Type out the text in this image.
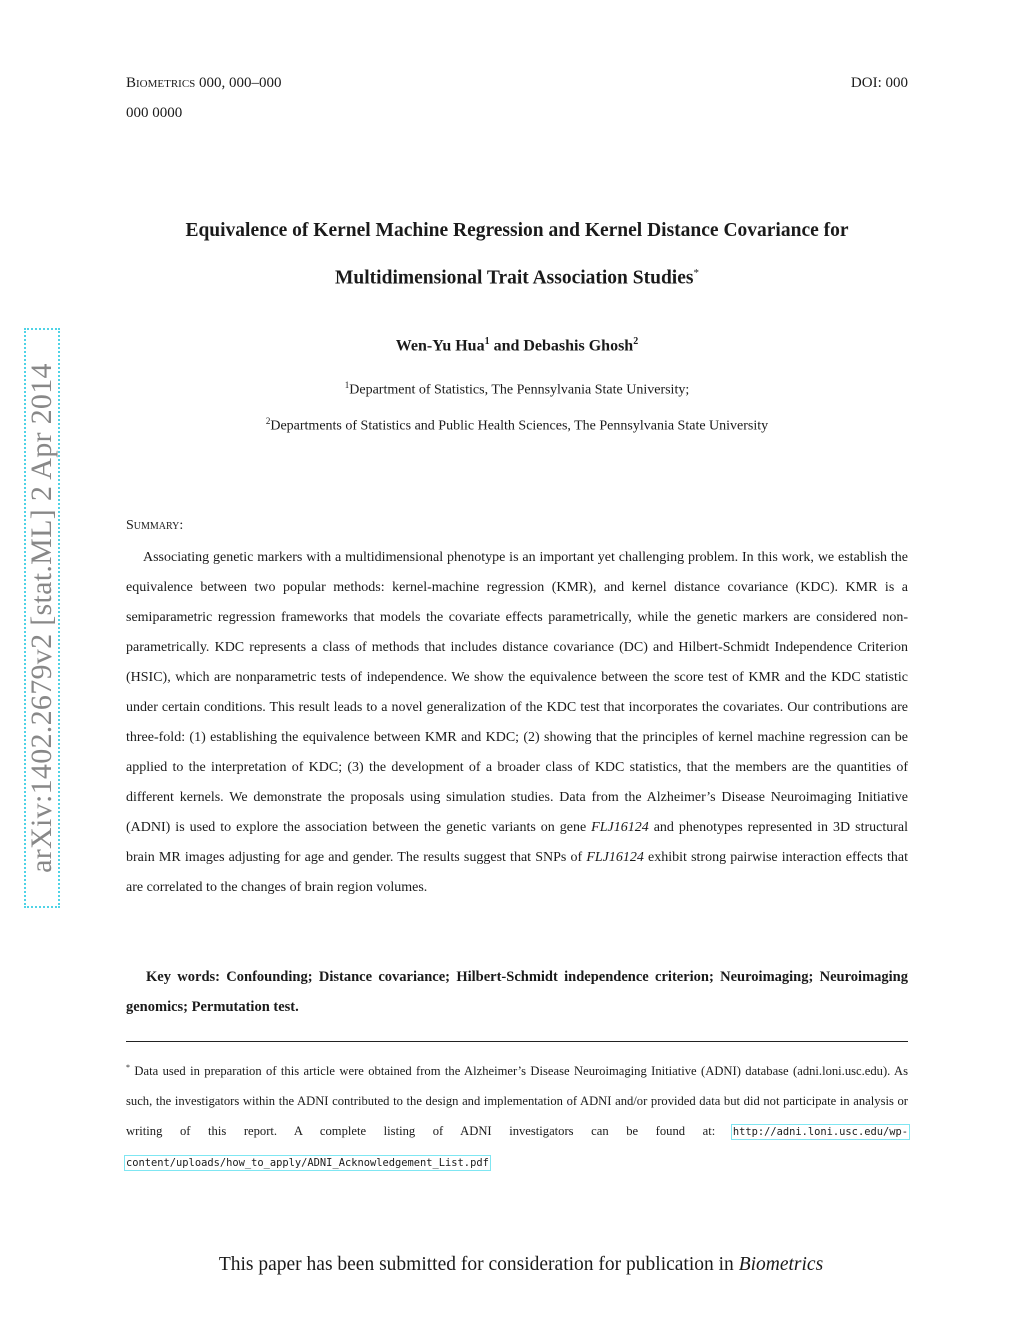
Biometrics 000, 000–000	DOI: 000
000 0000
Equivalence of Kernel Machine Regression and Kernel Distance Covariance for
Multidimensional Trait Association Studies*
Wen-Yu Hua$^1$ and Debashis Ghosh$^2$
$^1$Department of Statistics, The Pennsylvania State University;
$^2$Departments of Statistics and Public Health Sciences, The Pennsylvania State University
Summary:
Associating genetic markers with a multidimensional phenotype is an important yet challenging problem. In this work, we establish the equivalence between two popular methods: kernel-machine regression (KMR), and kernel distance covariance (KDC). KMR is a semiparametric regression frameworks that models the covariate effects parametrically, while the genetic markers are considered non-parametrically. KDC represents a class of methods that includes distance covariance (DC) and Hilbert-Schmidt Independence Criterion (HSIC), which are nonparametric tests of independence. We show the equivalence between the score test of KMR and the KDC statistic under certain conditions. This result leads to a novel generalization of the KDC test that incorporates the covariates. Our contributions are three-fold: (1) establishing the equivalence between KMR and KDC; (2) showing that the principles of kernel machine regression can be applied to the interpretation of KDC; (3) the development of a broader class of KDC statistics, that the members are the quantities of different kernels. We demonstrate the proposals using simulation studies. Data from the Alzheimer’s Disease Neuroimaging Initiative (ADNI) is used to explore the association between the genetic variants on gene FLJ16124 and phenotypes represented in 3D structural brain MR images adjusting for age and gender. The results suggest that SNPs of FLJ16124 exhibit strong pairwise interaction effects that are correlated to the changes of brain region volumes.
Key words: Confounding; Distance covariance; Hilbert-Schmidt independence criterion; Neuroimaging; Neuroimaging genomics; Permutation test.
* Data used in preparation of this article were obtained from the Alzheimer’s Disease Neuroimaging Initiative (ADNI) database (adni.loni.usc.edu). As such, the investigators within the ADNI contributed to the design and implementation of ADNI and/or provided data but did not participate in analysis or writing of this report. A complete listing of ADNI investigators can be found at: http://adni.loni.usc.edu/wp-content/uploads/how_to_apply/ADNI_Acknowledgement_List.pdf
This paper has been submitted for consideration for publication in Biometrics
arXiv:1402.2679v2 [stat.ML] 2 Apr 2014
